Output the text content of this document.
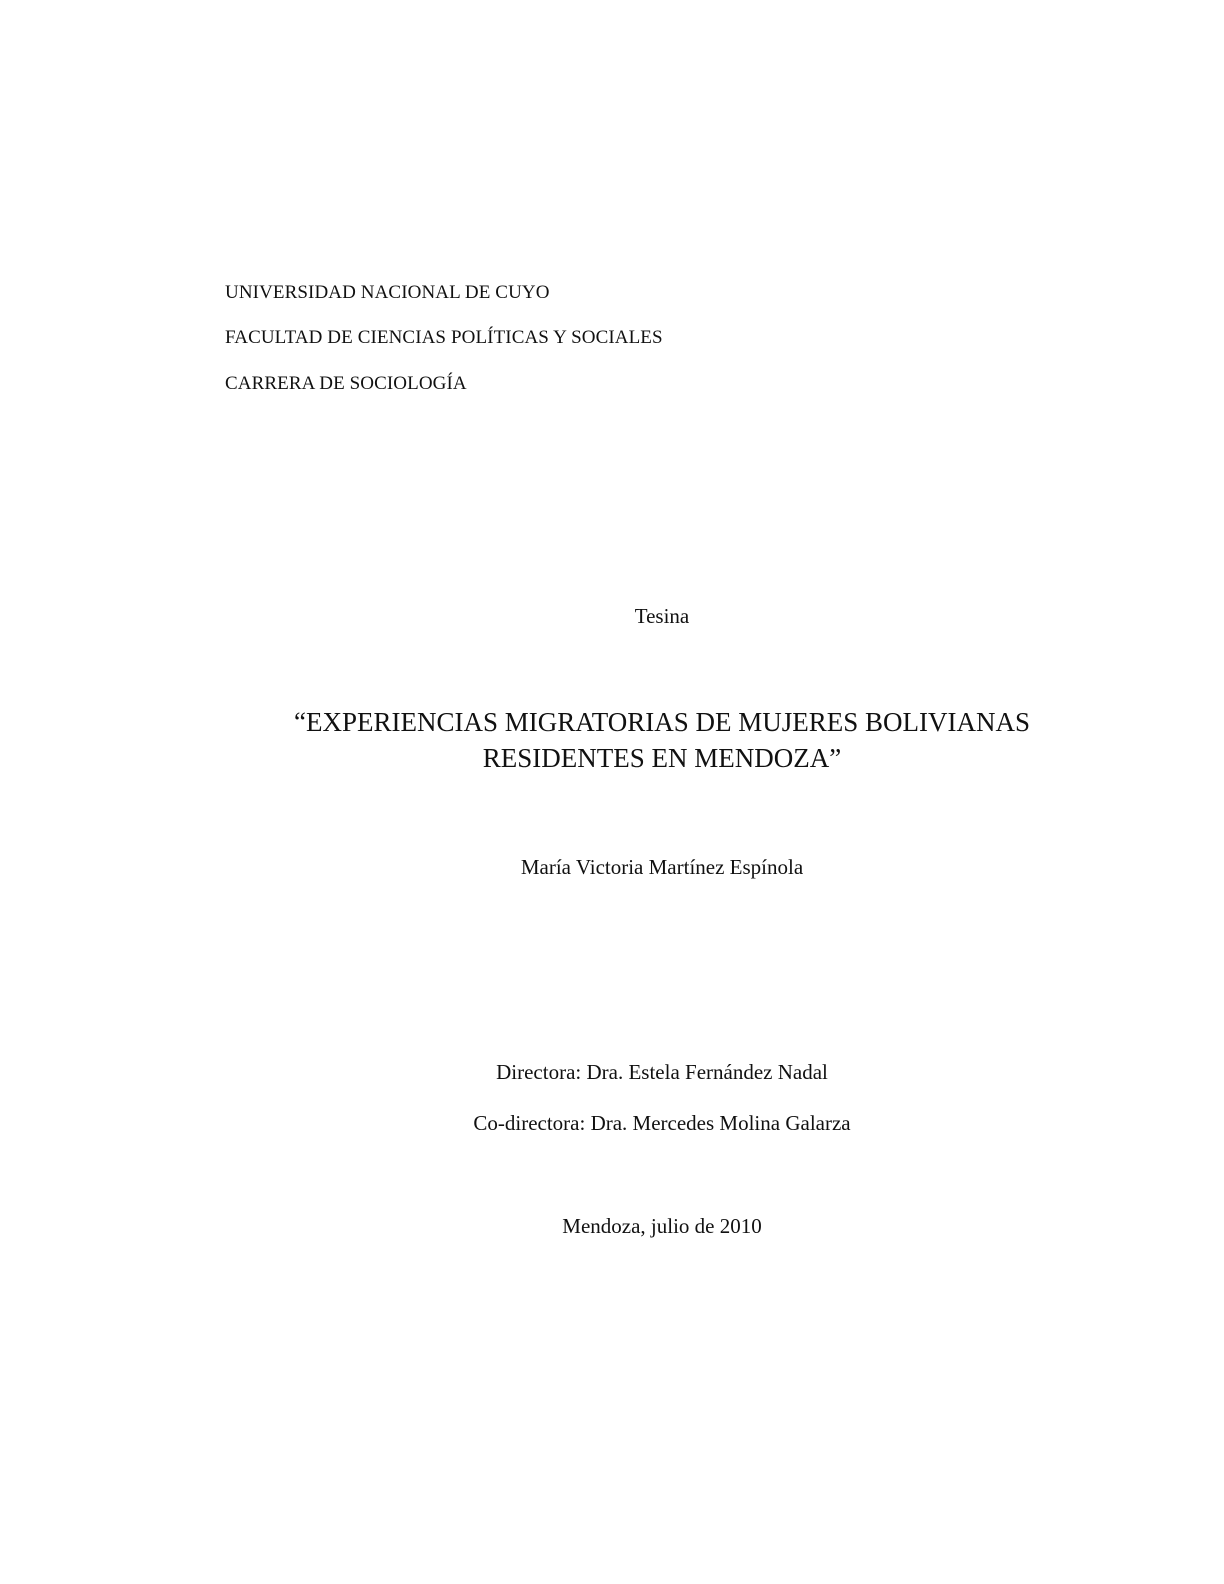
UNIVERSIDAD NACIONAL DE CUYO
FACULTAD DE CIENCIAS POLÍTICAS Y SOCIALES
CARRERA DE SOCIOLOGÍA
Tesina
“EXPERIENCIAS MIGRATORIAS DE MUJERES BOLIVIANAS
RESIDENTES EN MENDOZA”
María Victoria Martínez Espínola
Directora: Dra. Estela Fernández Nadal
Co-directora: Dra. Mercedes Molina Galarza
Mendoza, julio de 2010
